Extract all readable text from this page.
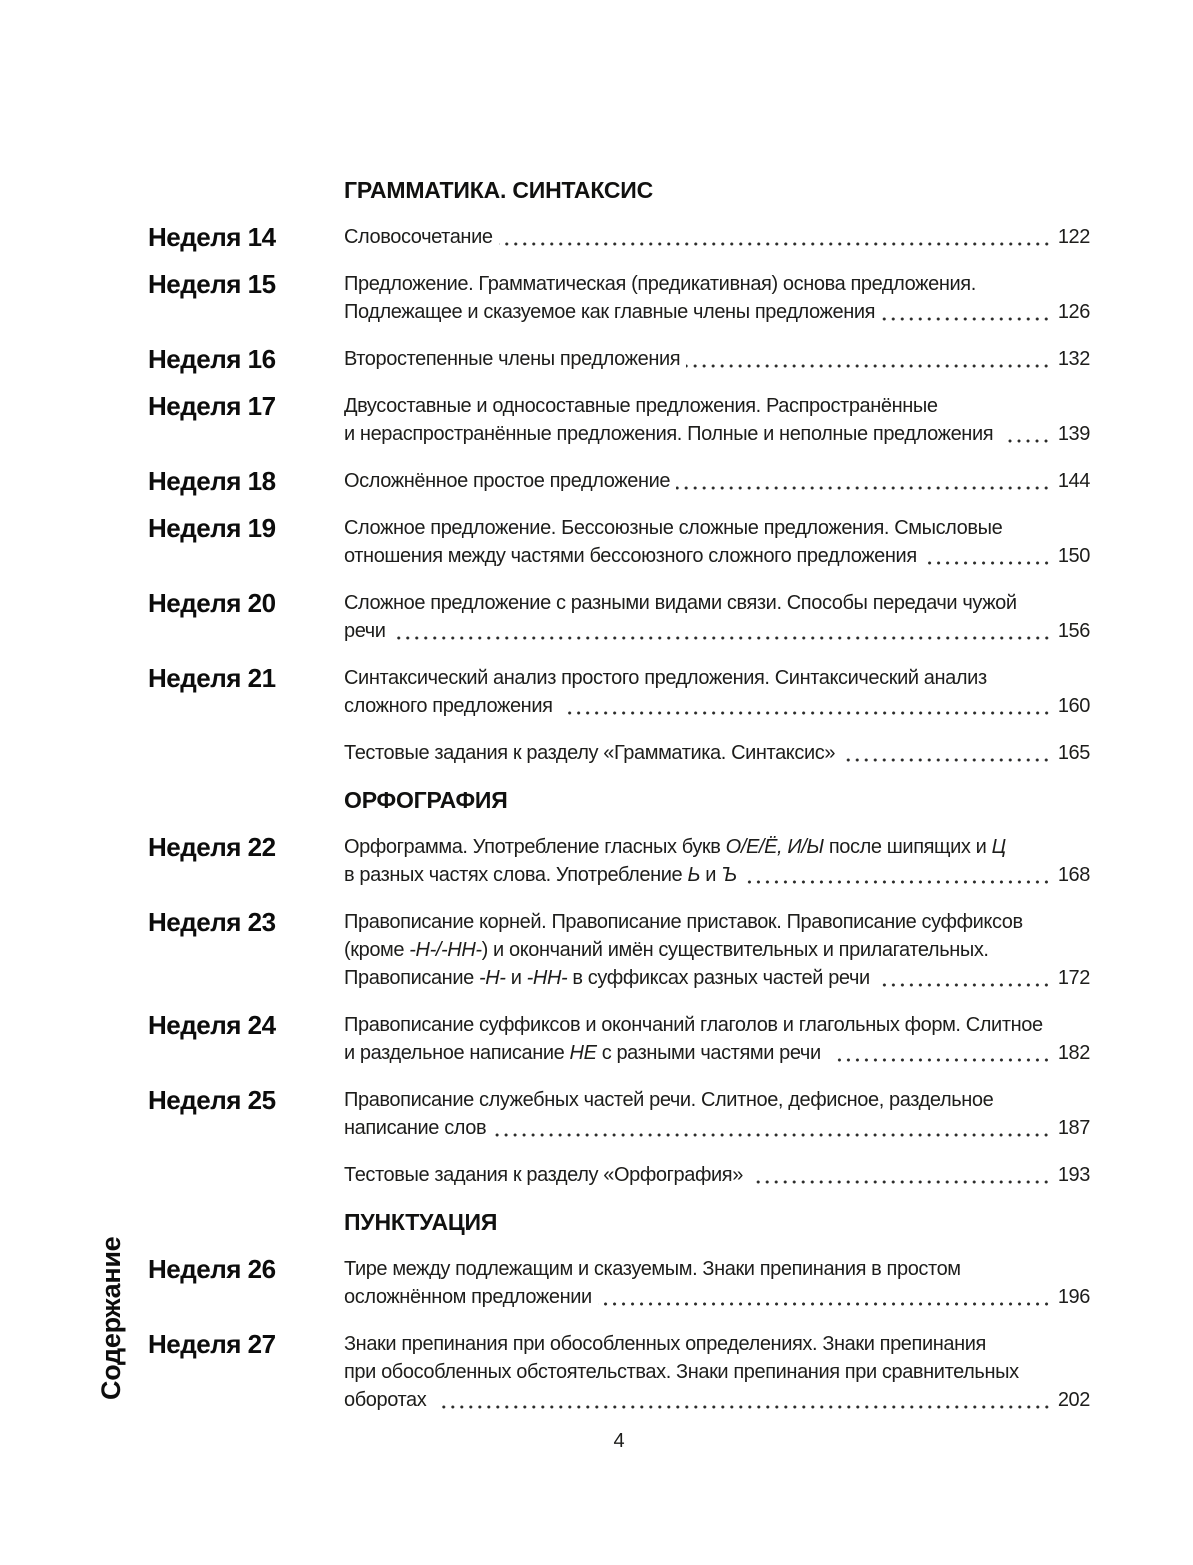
Содержание
ГРАММАТИКА. СИНТАКСИС
Неделя 14	Словосочетание	122
Неделя 15	Предложение. Грамматическая (предикативная) основа предложения.
Подлежащее и сказуемое как главные члены предложения	126
Неделя 16	Второстепенные члены предложения	132
Неделя 17	Двусоставные и односоставные предложения. Распространённые
и нераспространённые предложения. Полные и неполные предложения	139
Неделя 18	Осложнённое простое предложение	144
Неделя 19	Сложное предложение. Бессоюзные сложные предложения. Смысловые
отношения между частями бессоюзного сложного предложения	150
Неделя 20	Сложное предложение с разными видами связи. Способы передачи чужой
речи	156
Неделя 21	Синтаксический анализ простого предложения. Синтаксический анализ
сложного предложения	160
Тестовые задания к разделу «Грамматика. Синтаксис»	165
ОРФОГРАФИЯ
Неделя 22	Орфограмма. Употребление гласных букв О/Е/Ё, И/Ы после шипящих и Ц
в разных частях слова. Употребление Ь и Ъ	168
Неделя 23	Правописание корней. Правописание приставок. Правописание суффиксов
(кроме -Н-/-НН- ) и окончаний имён существительных и прилагательных.
Правописание -Н- и -НН- в суффиксах разных частей речи	172
Неделя 24	Правописание суффиксов и окончаний глаголов и глагольных форм. Слитное
и раздельное написание НЕ с разными частями речи	182
Неделя 25	Правописание служебных частей речи. Слитное, дефисное, раздельное
написание слов	187
Тестовые задания к разделу «Орфография»	193
ПУНКТУАЦИЯ
Неделя 26	Тире между подлежащим и сказуемым. Знаки препинания в простом
осложнённом предложении	196
Неделя 27	Знаки препинания при обособленных определениях. Знаки препинания
при обособленных обстоятельствах. Знаки препинания при сравнительных
оборотах	202
4
